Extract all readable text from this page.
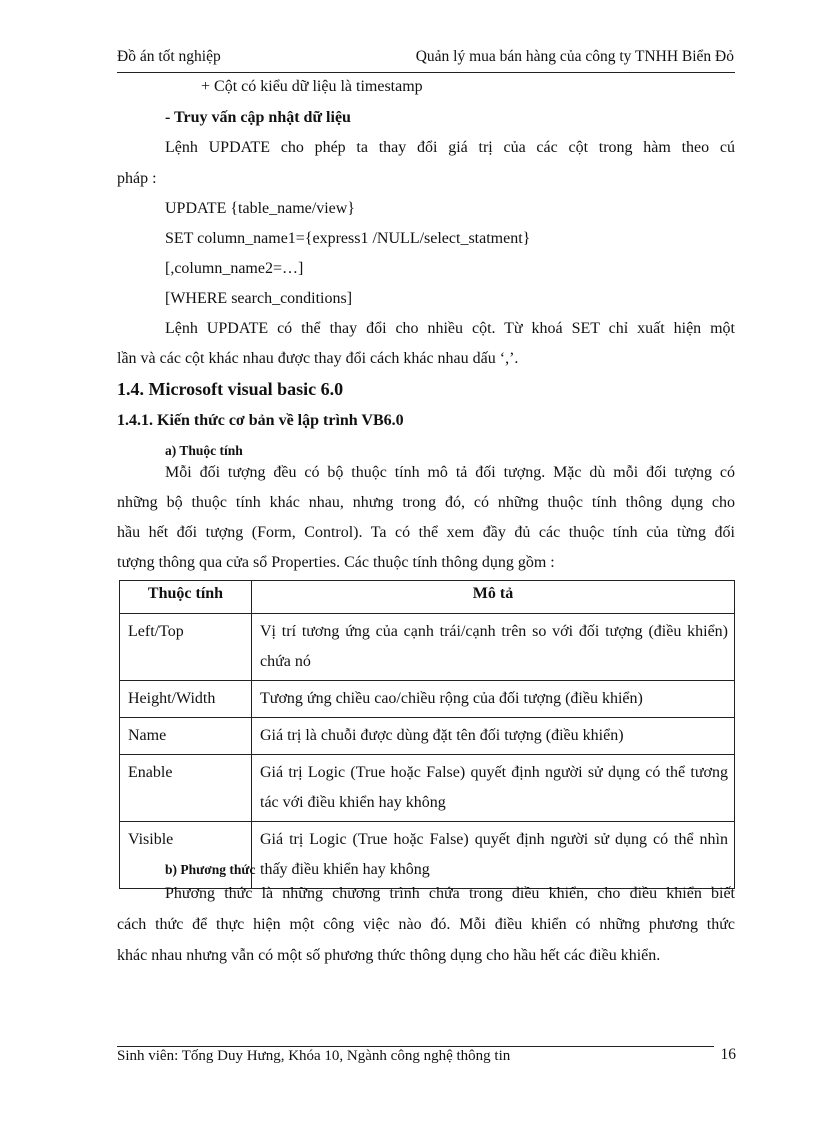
Đồ án tốt nghiệp	Quản lý mua bán hàng của công ty TNHH Biển Đỏ
+ Cột có kiểu dữ liệu là timestamp
- Truy vấn cập nhật dữ liệu
Lệnh UPDATE cho phép ta thay đổi giá trị của các cột trong hàm theo cú
pháp :
UPDATE {table_name/view}
SET column_name1={express1 /NULL/select_statment}
[,column_name2=…]
[WHERE search_conditions]
Lệnh UPDATE có thể thay đổi cho nhiều cột. Từ khoá SET chỉ xuất hiện một
lần và các cột khác nhau được thay đổi cách khác nhau dấu ‘,’.
1.4. Microsoft visual basic 6.0
1.4.1. Kiến thức cơ bản về lập trình VB6.0
a) Thuộc tính
Mỗi đối tượng đều có bộ thuộc tính mô tả đối tượng. Mặc dù mỗi đối tượng có
những bộ thuộc tính khác nhau, nhưng trong đó, có những thuộc tính thông dụng cho
hầu hết đối tượng (Form, Control). Ta có thể xem đầy đủ các thuộc tính của từng đối
tượng thông qua cửa sổ Properties. Các thuộc tính thông dụng gồm :
Thuộc tính	Mô tả
Left/Top	Vị trí tương ứng của cạnh trái/cạnh trên so với đối tượng (điều khiển) chứa nó
Height/Width	Tương ứng chiều cao/chiều rộng của đối tượng (điều khiển)
Name	Giá trị là chuỗi được dùng đặt tên đối tượng (điều khiển)
Enable	Giá trị Logic (True hoặc False) quyết định người sử dụng có thể tương tác với điều khiển hay không
Visible	Giá trị Logic (True hoặc False) quyết định người sử dụng có thể nhìn thấy điều khiển hay không
b) Phương thức
Phương thức là những chương trình chứa trong điều khiển, cho điều khiển biết
cách thức để thực hiện một công việc nào đó. Mỗi điều khiển có những phương thức
khác nhau nhưng vẫn có một số phương thức thông dụng cho hầu hết các điều khiển.
Sinh viên: Tống Duy Hưng, Khóa 10, Ngành công nghệ thông tin	16
